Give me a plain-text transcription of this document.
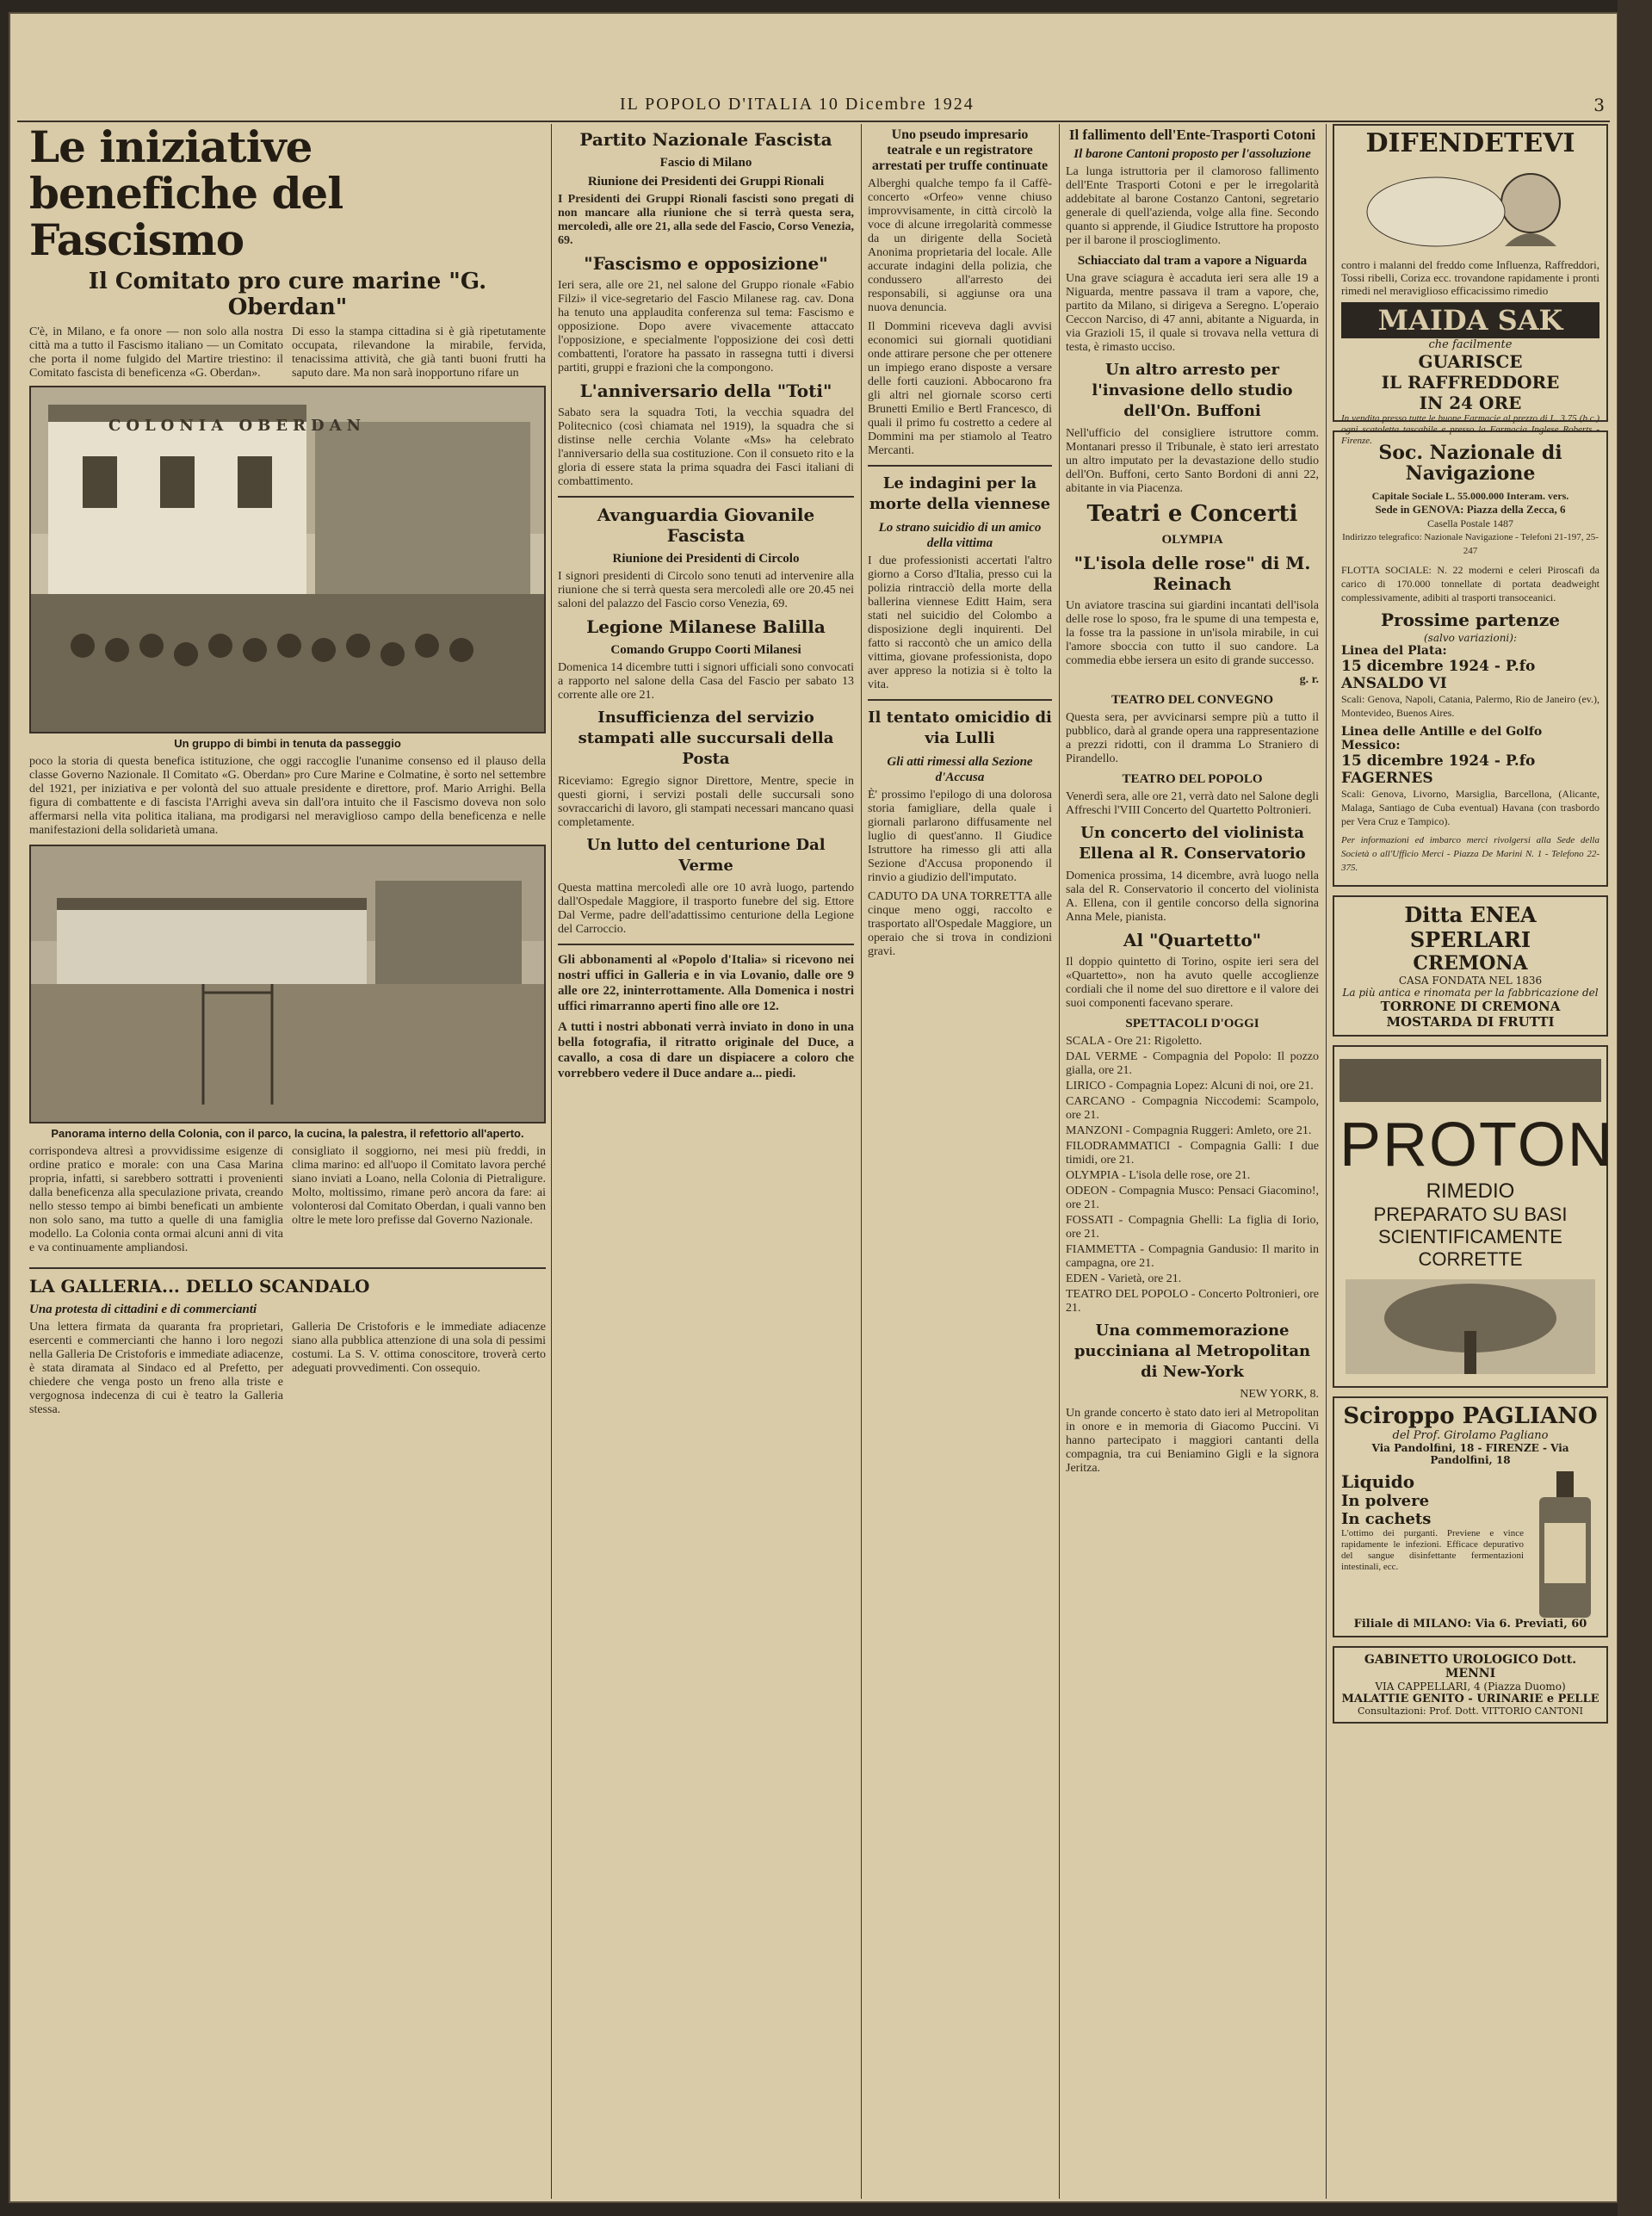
IL POPOLO D'ITALIA 10 Dicembre 1924	3
Le iniziative benefiche del Fascismo
Il Comitato pro cure marine "G. Oberdan"

C'è, in Milano, e fa onore — non solo alla nostra città ma a tutto il Fascismo italiano — un Comitato che porta il nome fulgido del Martire triestino: il Comitato fascista di beneficenza «G. Oberdan».

Di esso la stampa cittadina si è già ripetutamente occupata, rilevandone la mirabile, fervida, tenacissima attività, che già tanti buoni frutti ha saputo dare. Ma non sarà inopportuno rifare un

COLONIA OBERDAN
Un gruppo di bimbi in tenuta da passeggio

poco la storia di questa benefica istituzione, che oggi raccoglie l'unanime consenso ed il plauso della classe Governo Nazionale. Il Comitato «G. Oberdan» pro Cure Marine e Colmatine, è sorto nel settembre del 1921, per iniziativa e per volontà del suo attuale presidente e direttore, prof. Mario Arrighi. Bella figura di combattente e di fascista l'Arrighi aveva sin dall'ora intuito che il Fascismo doveva non solo affermarsi nella vita politica italiana, ma prodigarsi nel meraviglioso campo della beneficenza e nelle manifestazioni della solidarietà umana.

Panorama interno della Colonia, con il parco, la cucina, la palestra, il refettorio all'aperto.

corrispondeva altresì a provvidissime esigenze di ordine pratico e morale: con una Casa Marina propria, infatti, si sarebbero sottratti i provenienti dalla beneficenza alla speculazione privata, creando nello stesso tempo ai bimbi beneficati un ambiente non solo sano, ma tutto a quelle di una famiglia modello. La Colonia conta ormai alcuni anni di vita e va continuamente ampliandosi.

consigliato il soggiorno, nei mesi più freddi, in clima marino: ed all'uopo il Comitato lavora perché siano inviati a Loano, nella Colonia di Pietraligure. Molto, moltissimo, rimane però ancora da fare: ai volonterosi dal Comitato Oberdan, i quali vanno ben oltre le mete loro prefisse dal Governo Nazionale.

LA GALLERIA... DELLO SCANDALO
Una protesta di cittadini e di commercianti

Una lettera firmata da quaranta fra proprietari, esercenti e commercianti che hanno i loro negozi nella Galleria De Cristoforis e immediate adiacenze, è stata diramata al Sindaco ed al Prefetto, per chiedere che venga posto un freno alla triste e vergognosa indecenza di cui è teatro la Galleria stessa.

Galleria De Cristoforis e le immediate adiacenze siano alla pubblica attenzione di una sola di pessimi costumi. La S. V. ottima conoscitore, troverà certo adeguati provvedimenti. Con ossequio.

Partito Nazionale Fascista
Fascio di Milano
Riunione dei Presidenti dei Gruppi Rionali

I Presidenti dei Gruppi Rionali fascisti sono pregati di non mancare alla riunione che si terrà questa sera, mercoledì, alle ore 21, alla sede del Fascio, Corso Venezia, 69.

"Fascismo e opposizione"

Ieri sera, alle ore 21, nel salone del Gruppo rionale «Fabio Filzi» il vice-segretario del Fascio Milanese rag. cav. Dona ha tenuto una applaudita conferenza sul tema: Fascismo e opposizione. Dopo avere vivacemente attaccato l'opposizione, e specialmente l'opposizione dei così detti combattenti, l'oratore ha passato in rassegna tutti i diversi partiti, gruppi e frazioni che la compongono.

L'anniversario della "Toti"

Sabato sera la squadra Toti, la vecchia squadra del Politecnico (così chiamata nel 1919), la squadra che si distinse nelle cerchia Volante «Ms» ha celebrato l'anniversario della sua costituzione. Con il consueto rito e la gloria di essere stata la prima squadra dei Fasci italiani di combattimento.

Avanguardia Giovanile Fascista
Riunione dei Presidenti di Circolo

I signori presidenti di Circolo sono tenuti ad intervenire alla riunione che si terrà questa sera mercoledì alle ore 20.45 nei saloni del palazzo del Fascio corso Venezia, 69.

Legione Milanese Balilla
Comando Gruppo Coorti Milanesi

Domenica 14 dicembre tutti i signori ufficiali sono convocati a rapporto nel salone della Casa del Fascio per sabato 13 corrente alle ore 21.

Insufficienza del servizio stampati alle succursali della Posta

Riceviamo: Egregio signor Direttore, Mentre, specie in questi giorni, i servizi postali delle succursali sono sovraccarichi di lavoro, gli stampati necessari mancano quasi completamente.

Un lutto del centurione Dal Verme

Questa mattina mercoledì alle ore 10 avrà luogo, partendo dall'Ospedale Maggiore, il trasporto funebre del sig. Ettore Dal Verme, padre dell'adattissimo centurione della Legione del Carroccio.

Gli abbonamenti al «Popolo d'Italia» si ricevono nei nostri uffici in Galleria e in via Lovanio, dalle ore 9 alle ore 22, ininterrottamente. Alla Domenica i nostri uffici rimarranno aperti fino alle ore 12.

A tutti i nostri abbonati verrà inviato in dono in una bella fotografia, il ritratto originale del Duce, a cavallo, a cosa di dare un dispiacere a coloro che vorrebbero vedere il Duce andare a... piedi.

Uno pseudo impresario teatrale e un registratore arrestati per truffe continuate

Alberghi qualche tempo fa il Caffè-concerto «Orfeo» venne chiuso improvvisamente, in città circolò la voce di alcune irregolarità commesse da un dirigente della Società Anonima proprietaria del locale. Alle accurate indagini della polizia, che condussero all'arresto dei responsabili, si aggiunse ora una nuova denuncia.

Il Dommini riceveva dagli avvisi economici sui giornali quotidiani onde attirare persone che per ottenere un impiego erano disposte a versare delle forti cauzioni. Abbocarono fra gli altri nel giornale scorso certi Brunetti Emilio e Bertl Francesco, di quali il primo fu costretto a cedere al Dommini ma per stiamolo al Teatro Mercanti.

Le indagini per la morte della viennese
Lo strano suicidio di un amico della vittima

I due professionisti accertati l'altro giorno a Corso d'Italia, presso cui la polizia rintracciò della morte della ballerina viennese Editt Haim, sera stati nel suicidio del Colombo a disposizione degli inquirenti. Del fatto si raccontò che un amico della vittima, giovane professionista, dopo aver appreso la notizia si è tolto la vita.

Il tentato omicidio di via Lulli
Gli atti rimessi alla Sezione d'Accusa

È' prossimo l'epilogo di una dolorosa storia famigliare, della quale i giornali parlarono diffusamente nel luglio di quest'anno. Il Giudice Istruttore ha rimesso gli atti alla Sezione d'Accusa proponendo il rinvio a giudizio dell'imputato.

CADUTO DA UNA TORRETTA alle cinque meno oggi, raccolto e trasportato all'Ospedale Maggiore, un operaio che si trova in condizioni gravi.

Il fallimento dell'Ente-Trasporti Cotoni
Il barone Cantoni proposto per l'assoluzione

La lunga istruttoria per il clamoroso fallimento dell'Ente Trasporti Cotoni e per le irregolarità addebitate al barone Costanzo Cantoni, segretario generale di quell'azienda, volge alla fine. Secondo quanto si apprende, il Giudice Istruttore ha proposto per il barone il proscioglimento.

Schiacciato dal tram a vapore a Niguarda

Una grave sciagura è accaduta ieri sera alle 19 a Niguarda, mentre passava il tram a vapore, che, partito da Milano, si dirigeva a Seregno. L'operaio Ceccon Narciso, di 47 anni, abitante a Niguarda, in via Grazioli 15, il quale si trovava nella vettura di testa, è rimasto ucciso.

Un altro arresto per l'invasione dello studio dell'On. Buffoni

Nell'ufficio del consigliere istruttore comm. Montanari presso il Tribunale, è stato ieri arrestato un altro imputato per la devastazione dello studio dell'On. Buffoni, certo Santo Bordoni di anni 22, abitante in via Piacenza.

Teatri e Concerti
OLYMPIA
"L'isola delle rose" di M. Reinach

Un aviatore trascina sui giardini incantati dell'isola delle rose lo sposo, fra le spume di una tempesta e, la fosse tra la passione in un'isola mirabile, in cui l'amore sboccia con tutto il suo candore. La commedia ebbe iersera un esito di grande successo.

g. r.

TEATRO DEL CONVEGNO

Questa sera, per avvicinarsi sempre più a tutto il pubblico, darà al grande opera una rappresentazione a prezzi ridotti, con il dramma Lo Straniero di Pirandello.

TEATRO DEL POPOLO

Venerdì sera, alle ore 21, verrà dato nel Salone degli Affreschi l'VIII Concerto del Quartetto Poltronieri.

Un concerto del violinista Ellena al R. Conservatorio

Domenica prossima, 14 dicembre, avrà luogo nella sala del R. Conservatorio il concerto del violinista A. Ellena, con il gentile concorso della signorina Anna Mele, pianista.

Al "Quartetto"

Il doppio quintetto di Torino, ospite ieri sera del «Quartetto», non ha avuto quelle accoglienze cordiali che il nome del suo direttore e il valore dei suoi componenti facevano sperare.

SPETTACOLI D'OGGI

SCALA - Ore 21: Rigoletto.

DAL VERME - Compagnia del Popolo: Il pozzo gialla, ore 21.

LIRICO - Compagnia Lopez: Alcuni di noi, ore 21.

CARCANO - Compagnia Niccodemi: Scampolo, ore 21.

MANZONI - Compagnia Ruggeri: Amleto, ore 21.

FILODRAMMATICI - Compagnia Galli: I due timidi, ore 21.

OLYMPIA - L'isola delle rose, ore 21.

ODEON - Compagnia Musco: Pensaci Giacomino!, ore 21.

FOSSATI - Compagnia Ghelli: La figlia di Iorio, ore 21.

FIAMMETTA - Compagnia Gandusio: Il marito in campagna, ore 21.

EDEN - Varietà, ore 21.

TEATRO DEL POPOLO - Concerto Poltronieri, ore 21.

Una commemorazione pucciniana al Metropolitan di New-York

NEW YORK, 8.

Un grande concerto è stato dato ieri al Metropolitan in onore e in memoria di Giacomo Puccini. Vi hanno partecipato i maggiori cantanti della compagnia, tra cui Beniamino Gigli e la signora Jeritza.

DIFENDETEVI

contro i malanni del freddo come Influenza, Raffreddori, Tossi ribelli, Coriza ecc. trovandone rapidamente i pronti rimedi nel meraviglioso efficacissimo rimedio

MAIDA SAK
che facilmente
GUARISCE
IL RAFFREDDORE
IN 24 ORE

In vendita presso tutte le buone Farmacie al prezzo di L. 3.75 (b.c.) ogni scatoletta tascabile e presso la Farmacia Inglese Roberts - Firenze.

Soc. Nazionale di Navigazione

Capitale Sociale L. 55.000.000 Interam. vers.

Sede in GENOVA: Piazza della Zecca, 6

Casella Postale 1487

Indirizzo telegrafico: Nazionale Navigazione - Telefoni 21-197, 25-247

FLOTTA SOCIALE: N. 22 moderni e celeri Piroscafi da carico di 170.000 tonnellate di portata deadweight complessivamente, adibiti al trasporti transoceanici.

Prossime partenze
(salvo variazioni):
Linea del Plata:
15 dicembre 1924 - P.fo ANSALDO VI

Scali: Genova, Napoli, Catania, Palermo, Rio de Janeiro (ev.), Montevideo, Buenos Aires.

Linea delle Antille e del Golfo Messico:
15 dicembre 1924 - P.fo FAGERNES

Scali: Genova, Livorno, Marsiglia, Barcellona, (Alicante, Malaga, Santiago de Cuba eventual) Havana (con trasbordo per Vera Cruz e Tampico).

Per informazioni ed imbarco merci rivolgersi alla Sede della Società o all'Ufficio Merci - Piazza De Marini N. 1 - Telefono 22-375.

Ditta ENEA SPERLARI
CREMONA
CASA FONDATA NEL 1836
La più antica e rinomata per la fabbricazione del
TORRONE DI CREMONA
MOSTARDA DI FRUTTI
PROTON
RIMEDIO
PREPARATO SU BASI
SCIENTIFICAMENTE
CORRETTE
Sciroppo PAGLIANO
del Prof. Girolamo Pagliano
Via Pandolfini, 18 - FIRENZE - Via Pandolfini, 18
Liquido
In polvere
In cachets

L'ottimo dei purganti. Previene e vince rapidamente le infezioni. Efficace depurativo del sangue disinfettante fermentazioni intestinali, ecc.

Filiale di MILANO: Via 6. Previati, 60
GABINETTO UROLOGICO Dott. MENNI
VIA CAPPELLARI, 4 (Piazza Duomo)
MALATTIE GENITO - URINARIE e PELLE
Consultazioni: Prof. Dott. VITTORIO CANTONI
